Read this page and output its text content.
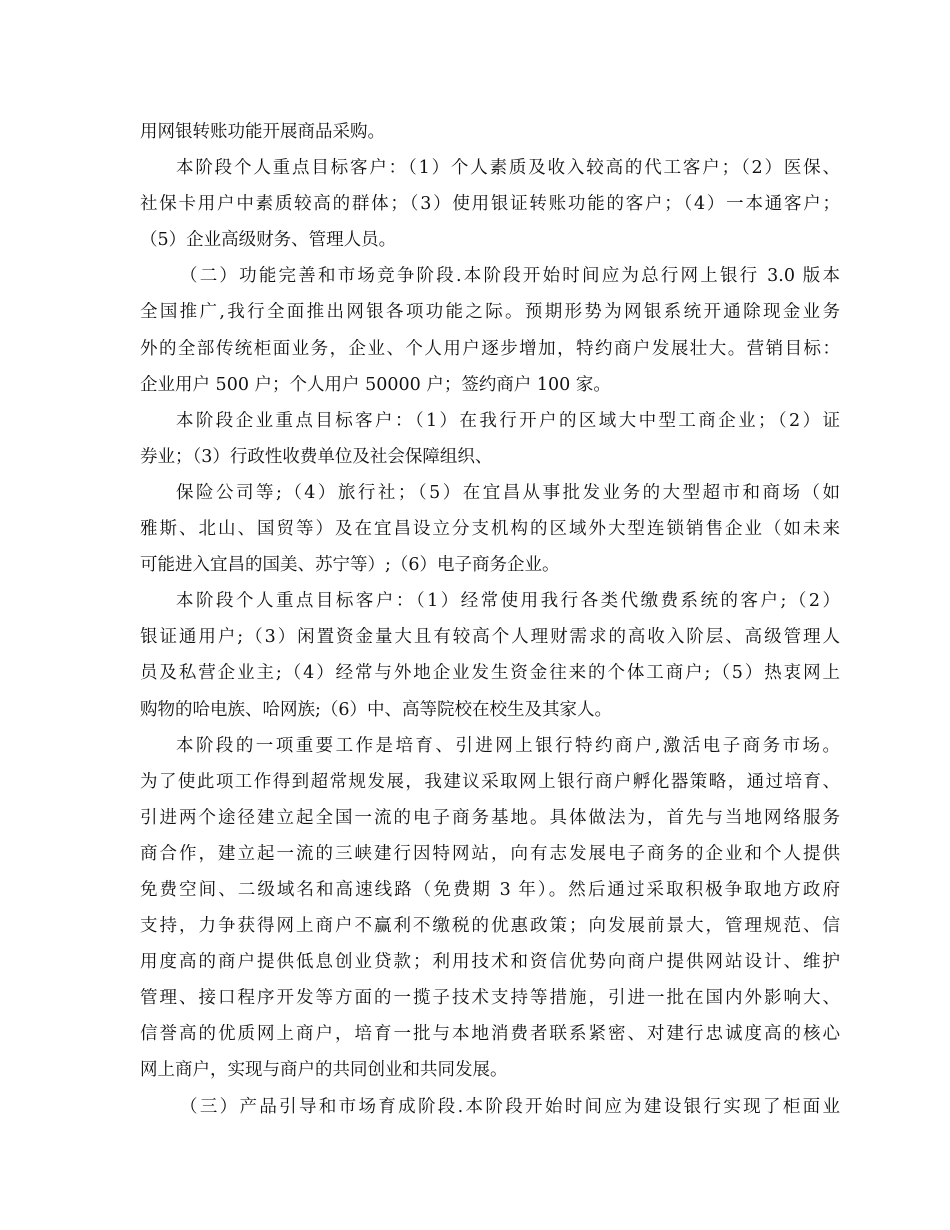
用网银转账功能开展商品采购。
本阶段个人重点目标客户：（1）个人素质及收入较高的代工客户；（2）医保、
社保卡用户中素质较高的群体；（3）使用银证转账功能的客户；（4）一本通客户；
（5）企业高级财务、管理人员。
（二）功能完善和市场竞争阶段.本阶段开始时间应为总行网上银行 3.0 版本
全国推广,我行全面推出网银各项功能之际。预期形势为网银系统开通除现金业务
外的全部传统柜面业务，企业、个人用户逐步增加，特约商户发展壮大。营销目标：
企业用户 500 户；个人用户 50000 户；签约商户 100 家。
本阶段企业重点目标客户：（1）在我行开户的区域大中型工商企业；（2）证
券业；（3）行政性收费单位及社会保障组织、
保险公司等;（4）旅行社；（5）在宜昌从事批发业务的大型超市和商场（如
雅斯、北山、国贸等）及在宜昌设立分支机构的区域外大型连锁销售企业（如未来
可能进入宜昌的国美、苏宁等）;（6）电子商务企业。
本阶段个人重点目标客户：（1）经常使用我行各类代缴费系统的客户;（2）
银证通用户;（3）闲置资金量大且有较高个人理财需求的高收入阶层、高级管理人
员及私营企业主;（4）经常与外地企业发生资金往来的个体工商户;（5）热衷网上
购物的哈电族、哈网族;（6）中、高等院校在校生及其家人。
本阶段的一项重要工作是培育、引进网上银行特约商户,激活电子商务市场。
为了使此项工作得到超常规发展，我建议采取网上银行商户孵化器策略，通过培育、
引进两个途径建立起全国一流的电子商务基地。具体做法为，首先与当地网络服务
商合作，建立起一流的三峡建行因特网站，向有志发展电子商务的企业和个人提供
免费空间、二级域名和高速线路（免费期 3 年）。然后通过采取积极争取地方政府
支持，力争获得网上商户不赢利不缴税的优惠政策；向发展前景大，管理规范、信
用度高的商户提供低息创业贷款；利用技术和资信优势向商户提供网站设计、维护
管理、接口程序开发等方面的一揽子技术支持等措施，引进一批在国内外影响大、
信誉高的优质网上商户，培育一批与本地消费者联系紧密、对建行忠诚度高的核心
网上商户，实现与商户的共同创业和共同发展。
（三）产品引导和市场育成阶段.本阶段开始时间应为建设银行实现了柜面业
